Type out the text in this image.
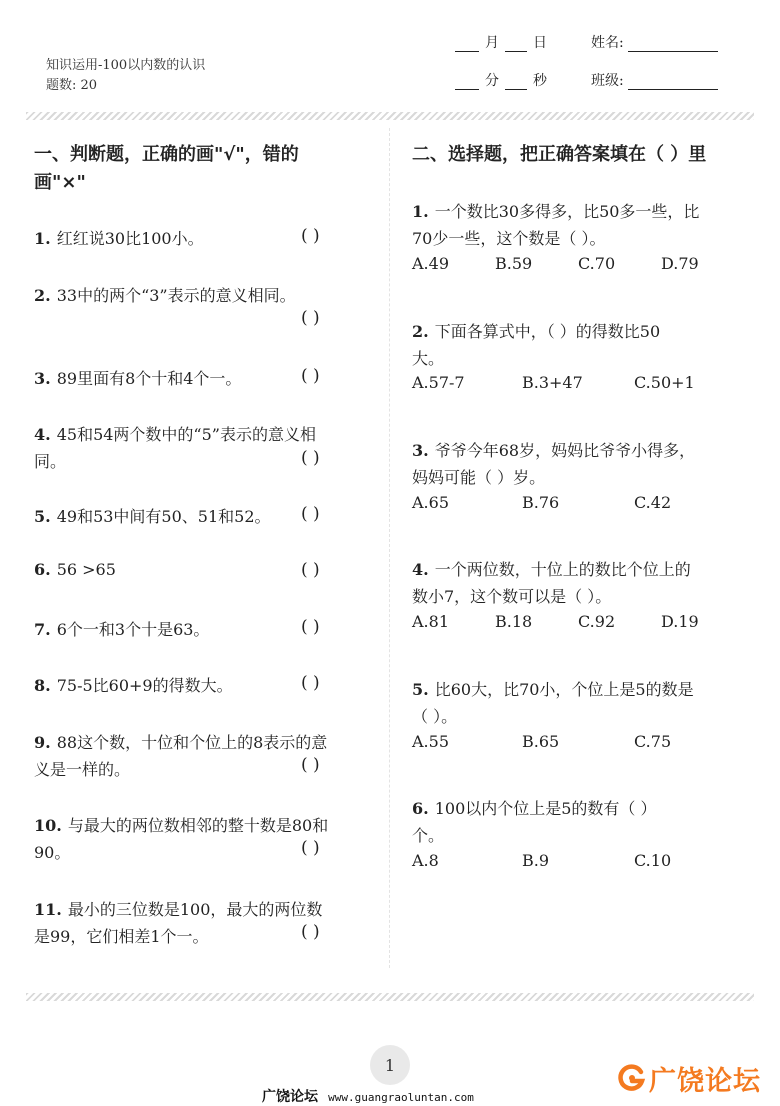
知识运用-100以内数的认识
题数: 20
月 日	姓名:
分 秒	班级:
一、判断题，正确的画"√"，错的
画"×"
1. 红红说30比100小。	( )
2. 33中的两个“3”表示的意义相同。
( )
3. 89里面有8个十和4个一。	( )
4. 45和54两个数中的“5”表示的意义相
同。	( )
5. 49和53中间有50、51和52。	( )
6. 56 >65	( )
7. 6个一和3个十是63。	( )
8. 75-5比60+9的得数大。	( )
9. 88这个数，十位和个位上的8表示的意
义是一样的。	( )
10. 与最大的两位数相邻的整十数是80和
90。	( )
11. 最小的三位数是100，最大的两位数
是99，它们相差1个一。	( )
二、选择题，把正确答案填在（ ）里
1. 一个数比30多得多，比50多一些，比
70少一些，这个数是（ ）。
A.49	B.59	C.70	D.79
2. 下面各算式中，（ ）的得数比50
大。
A.57-7	B.3+47	C.50+1
3. 爷爷今年68岁，妈妈比爷爷小得多，
妈妈可能（ ）岁。
A.65	B.76	C.42
4. 一个两位数，十位上的数比个位上的
数小7，这个数可以是（ ）。
A.81	B.18	C.92	D.19
5. 比60大，比70小，个位上是5的数是
（ ）。
A.55	B.65	C.75
6. 100以内个位上是5的数有（ ）
个。
A.8	B.9	C.10
1
广饶论坛 www.guangraoluntan.com
广饶论坛
